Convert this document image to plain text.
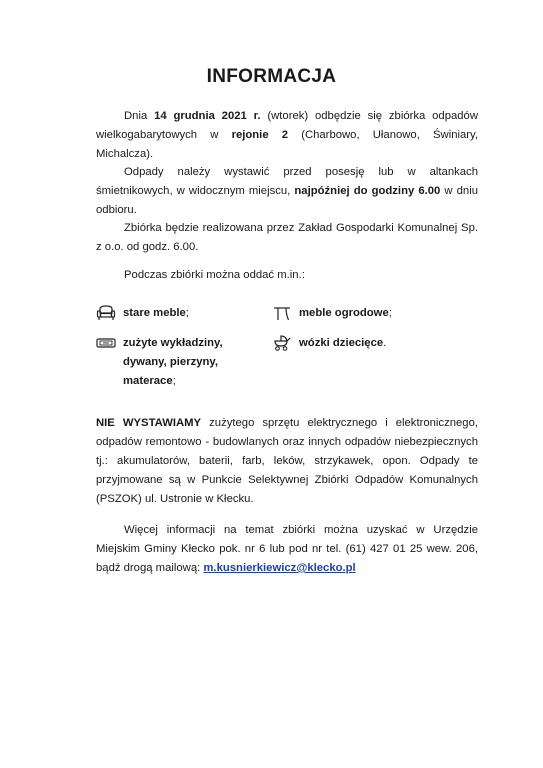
INFORMACJA

Dnia 14 grudnia 2021 r. (wtorek) odbędzie się zbiórka odpadów wielkogabarytowych w rejonie 2 (Charbowo, Ułanowo, Świniary, Michalcza).

Odpady należy wystawić przed posesję lub w altankach śmietnikowych, w widocznym miejscu, najpóźniej do godziny 6.00 w dniu odbioru.

Zbiórka będzie realizowana przez Zakład Gospodarki Komunalnej Sp. z o.o. od godz. 6.00.

Podczas zbiórki można oddać m.in.:

stare meble;	meble ogrodowe;
zużyte wykładziny, dywany, pierzyny, materace;
wózki dziecięce.

NIE WYSTAWIAMY zużytego sprzętu elektrycznego i elektronicznego, odpadów remontowo - budowlanych oraz innych odpadów niebezpiecznych tj.: akumulatorów, baterii, farb, leków, strzykawek, opon. Odpady te przyjmowane są w Punkcie Selektywnej Zbiórki Odpadów Komunalnych (PSZOK) ul. Ustronie w Kłecku.

Więcej informacji na temat zbiórki można uzyskać w Urzędzie Miejskim Gminy Kłecko pok. nr 6 lub pod nr tel. (61) 427 01 25 wew. 206, bądź drogą mailową: m.kusnierkiewicz@klecko.pl
